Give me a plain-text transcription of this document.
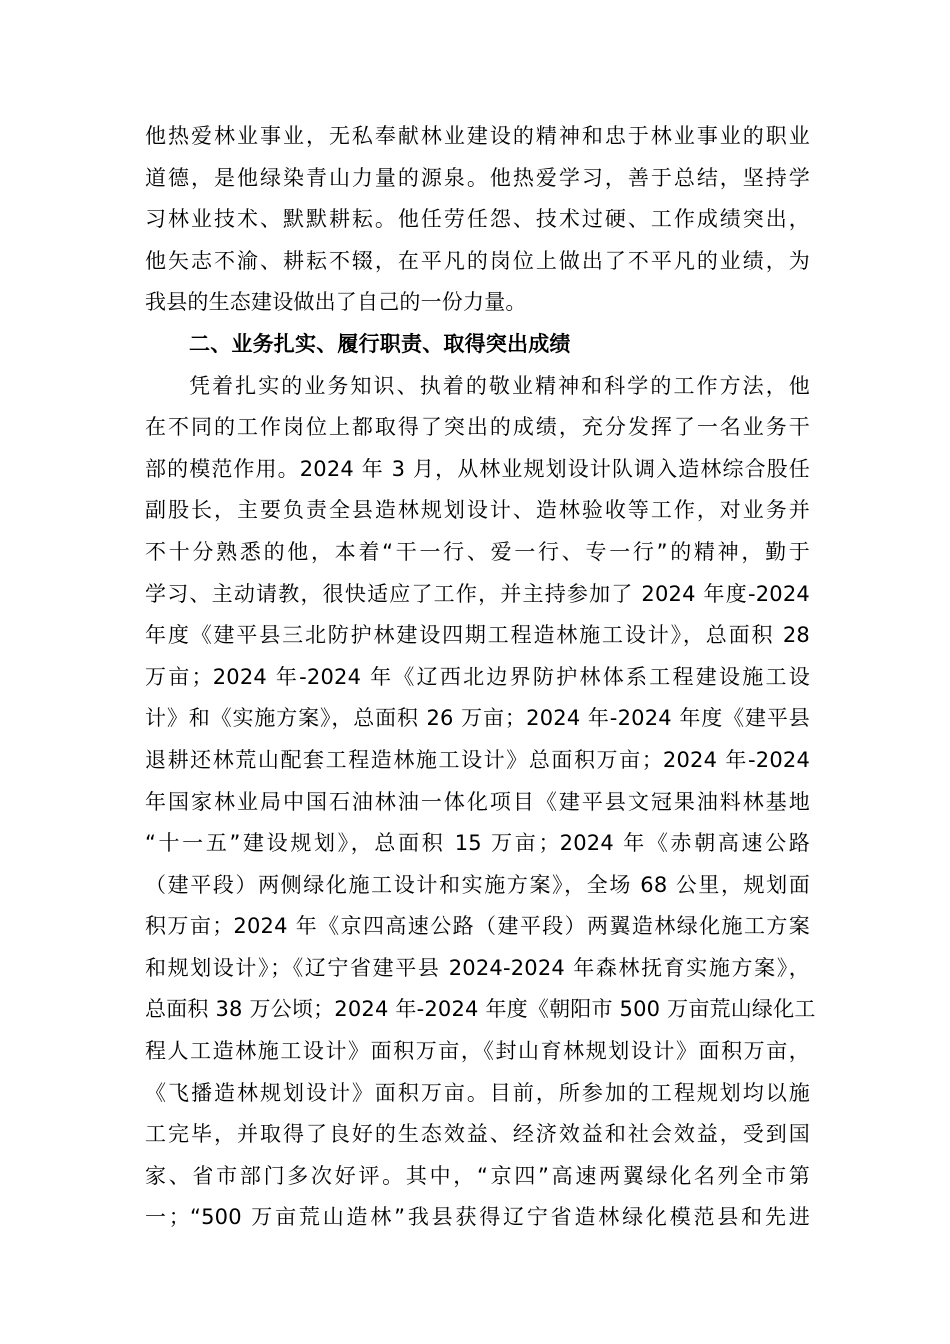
他热爱林业事业，无私奉献林业建设的精神和忠于林业事业的职业
道德，是他绿染青山力量的源泉。他热爱学习，善于总结，坚持学
习林业技术、默默耕耘。他任劳任怨、技术过硬、工作成绩突出，
他矢志不渝、耕耘不辍，在平凡的岗位上做出了不平凡的业绩，为
我县的生态建设做出了自己的一份力量。
二、业务扎实、履行职责、取得突出成绩
凭着扎实的业务知识、执着的敬业精神和科学的工作方法，他
在不同的工作岗位上都取得了突出的成绩，充分发挥了一名业务干
部的模范作用。2024 年 3 月，从林业规划设计队调入造林综合股任
副股长，主要负责全县造林规划设计、造林验收等工作，对业务并
不十分熟悉的他，本着“干一行、爱一行、专一行”的精神，勤于
学习、主动请教，很快适应了工作，并主持参加了 2024 年度-2024
年度《建平县三北防护林建设四期工程造林施工设计》，总面积 28
万亩；2024 年-2024 年《辽西北边界防护林体系工程建设施工设
计》和《实施方案》，总面积 26 万亩；2024 年-2024 年度《建平县
退耕还林荒山配套工程造林施工设计》总面积万亩；2024 年-2024
年国家林业局中国石油林油一体化项目《建平县文冠果油料林基地
“十一五”建设规划》，总面积 15 万亩；2024 年《赤朝高速公路
（建平段）两侧绿化施工设计和实施方案》，全场 68 公里，规划面
积万亩；2024 年《京四高速公路（建平段）两翼造林绿化施工方案
和规划设计》；《辽宁省建平县 2024-2024 年森林抚育实施方案》，
总面积 38 万公顷；2024 年-2024 年度《朝阳市 500 万亩荒山绿化工
程人工造林施工设计》面积万亩，《封山育林规划设计》面积万亩，
《飞播造林规划设计》面积万亩。目前，所参加的工程规划均以施
工完毕，并取得了良好的生态效益、经济效益和社会效益，受到国
家、省市部门多次好评。其中，“京四”高速两翼绿化名列全市第
一；“500 万亩荒山造林”我县获得辽宁省造林绿化模范县和先进
